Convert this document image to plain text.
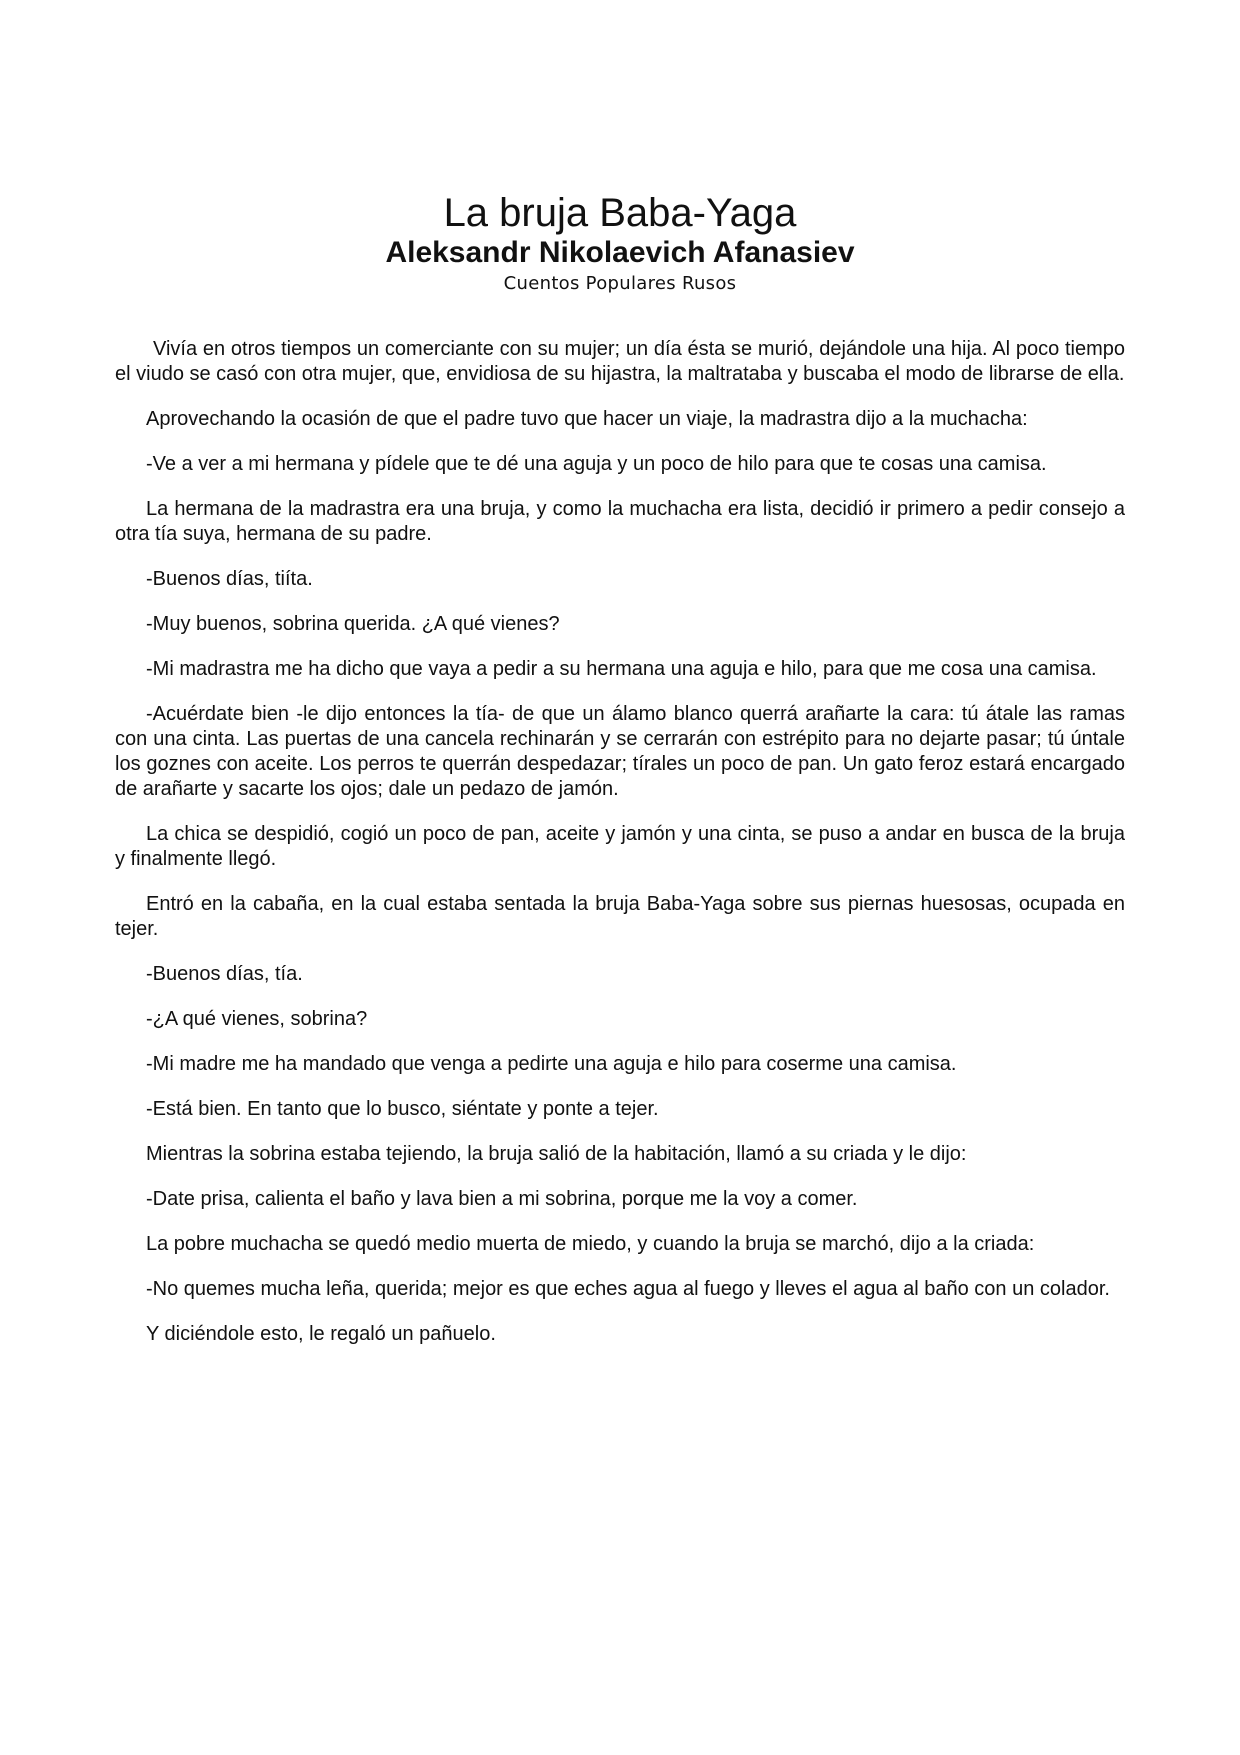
La bruja Baba-Yaga
Aleksandr Nikolaevich Afanasiev
Cuentos Populares Rusos

Vivía en otros tiempos un comerciante con su mujer; un día ésta se murió, dejándole una hija. Al poco tiempo el viudo se casó con otra mujer, que, envidiosa de su hijastra, la maltrataba y buscaba el modo de librarse de ella.

Aprovechando la ocasión de que el padre tuvo que hacer un viaje, la madrastra dijo a la muchacha:

-Ve a ver a mi hermana y pídele que te dé una aguja y un poco de hilo para que te cosas una camisa.

La hermana de la madrastra era una bruja, y como la muchacha era lista, decidió ir primero a pedir consejo a otra tía suya, hermana de su padre.

-Buenos días, tiíta.

-Muy buenos, sobrina querida. ¿A qué vienes?

-Mi madrastra me ha dicho que vaya a pedir a su hermana una aguja e hilo, para que me cosa una camisa.

-Acuérdate bien -le dijo entonces la tía- de que un álamo blanco querrá arañarte la cara: tú átale las ramas con una cinta. Las puertas de una cancela rechinarán y se cerrarán con estrépito para no dejarte pasar; tú úntale los goznes con aceite. Los perros te querrán despedazar; tírales un poco de pan. Un gato feroz estará encargado de arañarte y sacarte los ojos; dale un pedazo de jamón.

La chica se despidió, cogió un poco de pan, aceite y jamón y una cinta, se puso a andar en busca de la bruja y finalmente llegó.

Entró en la cabaña, en la cual estaba sentada la bruja Baba-Yaga sobre sus piernas huesosas, ocupada en tejer.

-Buenos días, tía.

-¿A qué vienes, sobrina?

-Mi madre me ha mandado que venga a pedirte una aguja e hilo para coserme una camisa.

-Está bien. En tanto que lo busco, siéntate y ponte a tejer.

Mientras la sobrina estaba tejiendo, la bruja salió de la habitación, llamó a su criada y le dijo:

-Date prisa, calienta el baño y lava bien a mi sobrina, porque me la voy a comer.

La pobre muchacha se quedó medio muerta de miedo, y cuando la bruja se marchó, dijo a la criada:

-No quemes mucha leña, querida; mejor es que eches agua al fuego y lleves el agua al baño con un colador.

Y diciéndole esto, le regaló un pañuelo.
